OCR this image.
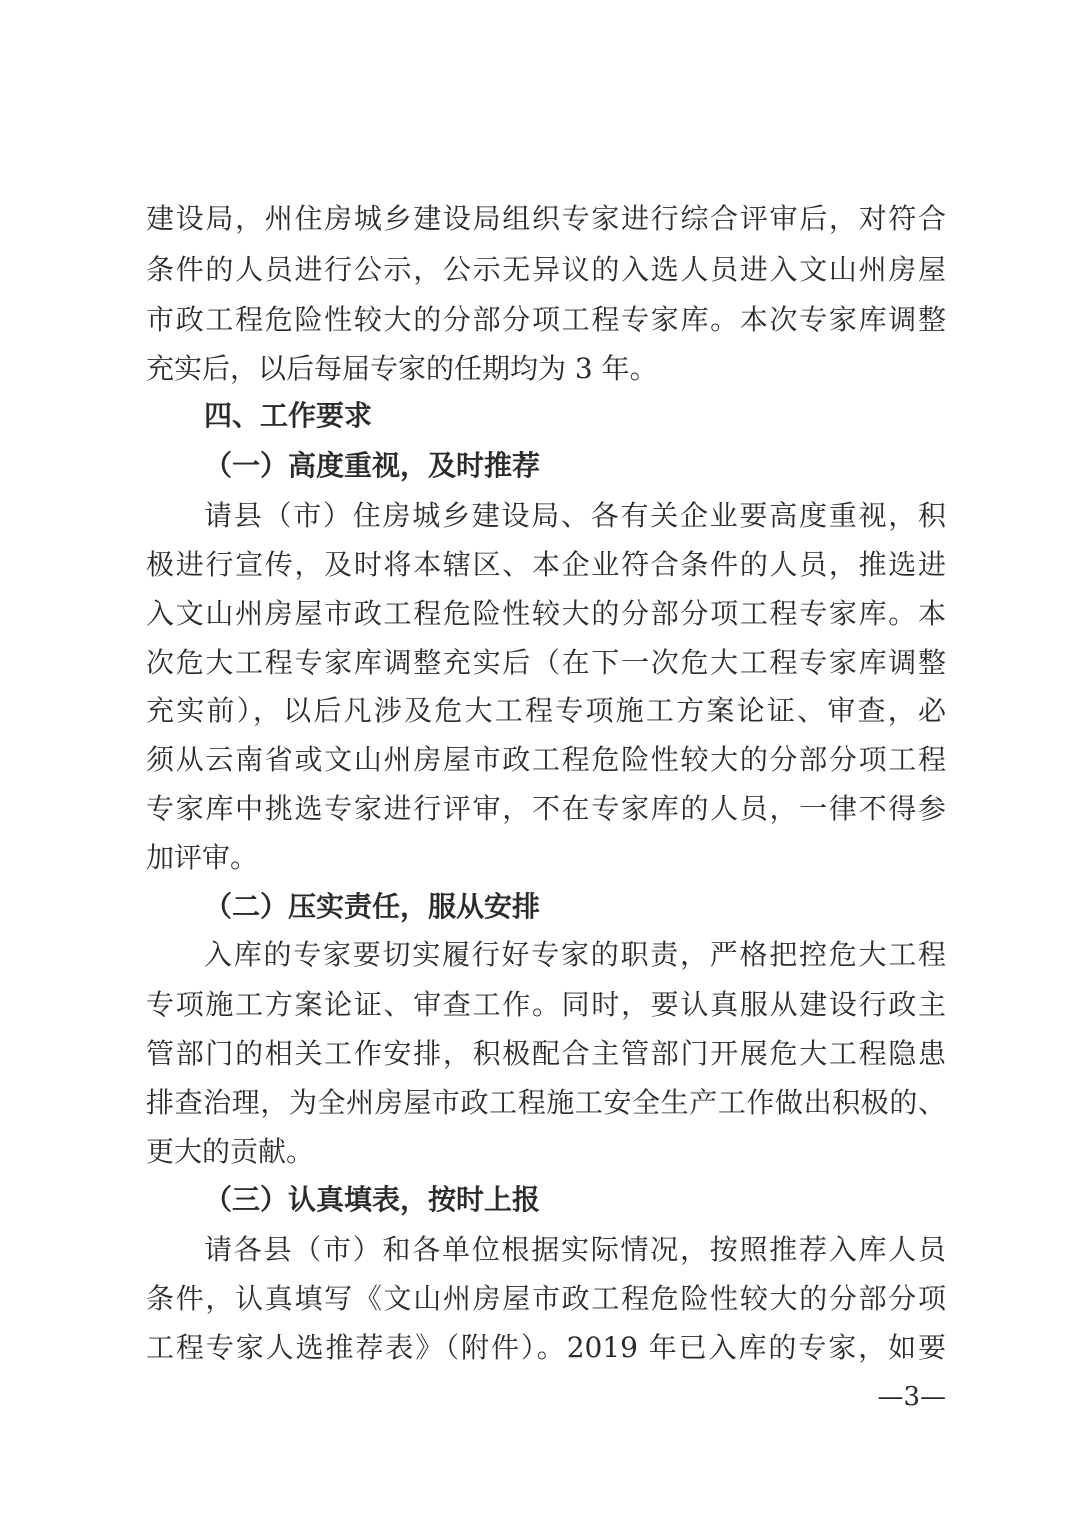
建设局，州住房城乡建设局组织专家进行综合评审后，对符合
条件的人员进行公示，公示无异议的入选人员进入文山州房屋
市政工程危险性较大的分部分项工程专家库。本次专家库调整
充实后，以后每届专家的任期均为 3 年。
四、工作要求
（一）高度重视，及时推荐
请县（市）住房城乡建设局、各有关企业要高度重视，积
极进行宣传，及时将本辖区、本企业符合条件的人员，推选进
入文山州房屋市政工程危险性较大的分部分项工程专家库。本
次危大工程专家库调整充实后（在下一次危大工程专家库调整
充实前），以后凡涉及危大工程专项施工方案论证、审查，必
须从云南省或文山州房屋市政工程危险性较大的分部分项工程
专家库中挑选专家进行评审，不在专家库的人员，一律不得参
加评审。
（二）压实责任，服从安排
入库的专家要切实履行好专家的职责，严格把控危大工程
专项施工方案论证、审查工作。同时，要认真服从建设行政主
管部门的相关工作安排，积极配合主管部门开展危大工程隐患
排查治理，为全州房屋市政工程施工安全生产工作做出积极的、
更大的贡献。
（三）认真填表，按时上报
请各县（市）和各单位根据实际情况，按照推荐入库人员
条件，认真填写《文山州房屋市政工程危险性较大的分部分项
工程专家人选推荐表》（附件）。2019 年已入库的专家，如要
—3—
